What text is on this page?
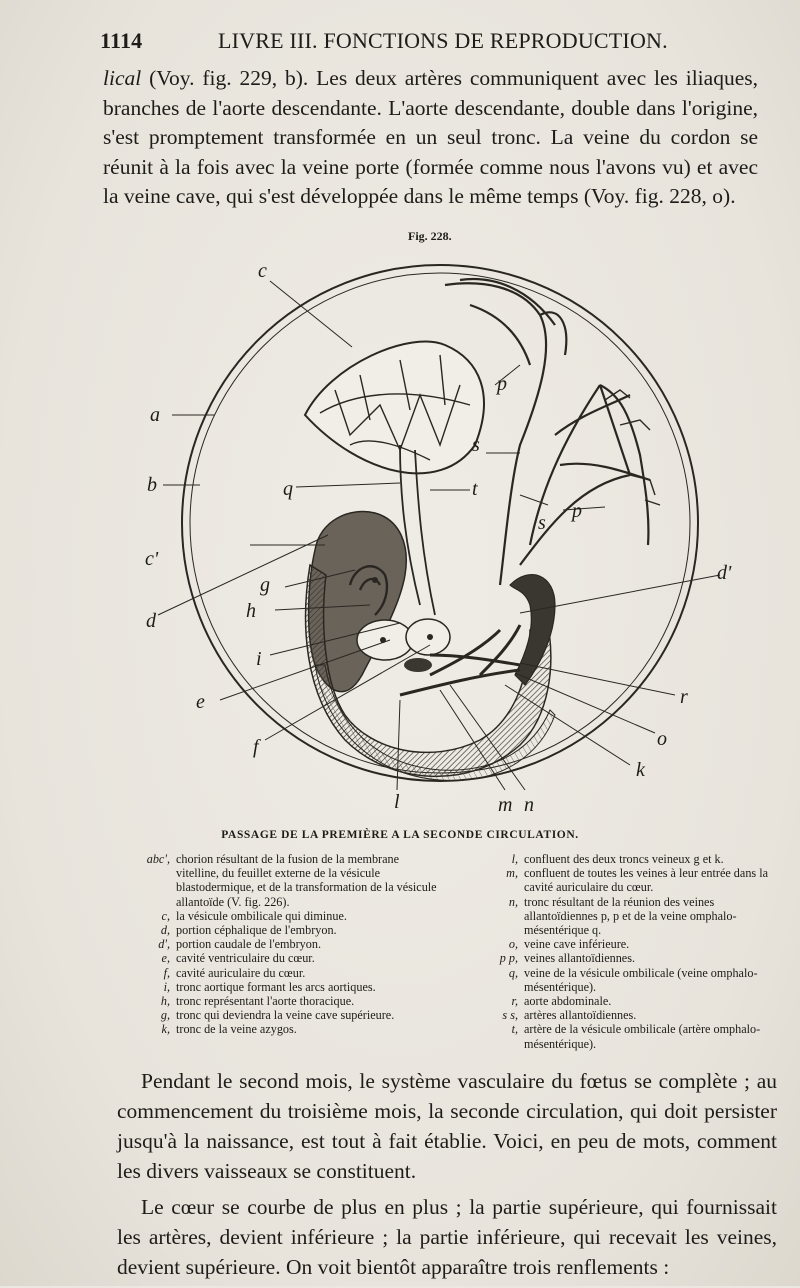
1114	LIVRE III. FONCTIONS DE REPRODUCTION.

lical (Voy. fig. 229, b). Les deux artères communiquent avec les iliaques, branches de l'aorte descendante. L'aorte descendante, double dans l'origine, s'est promptement transformée en un seul tronc. La veine du cordon se réunit à la fois avec la veine porte (formée comme nous l'avons vu) et avec la veine cave, qui s'est développée dans le même temps (Voy. fig. 228, o).

Fig. 228.
c
a
b	q	t
p
s
s
p
c'
d
g
h
i
e
f
d'
r
o
k
l	m n
PASSAGE DE LA PREMIÈRE A LA SECONDE CIRCULATION.
abc', chorion résultant de la fusion de la membrane vitelline, du feuillet externe de la vésicule blastodermique, et de la transformation de la vésicule allantoïde (V. fig. 226).
c, la vésicule ombilicale qui diminue.
d, portion céphalique de l'embryon.
d', portion caudale de l'embryon.
e, cavité ventriculaire du cœur.
f, cavité auriculaire du cœur.
i, tronc aortique formant les arcs aortiques.
h, tronc représentant l'aorte thoracique.
g, tronc qui deviendra la veine cave supérieure.
k, tronc de la veine azygos.
l, confluent des deux troncs veineux g et k.
m, confluent de toutes les veines à leur entrée dans la cavité auriculaire du cœur.
n, tronc résultant de la réunion des veines allantoïdiennes p, p et de la veine omphalo-mésentérique q.
o, veine cave inférieure.
p p, veines allantoïdiennes.
q, veine de la vésicule ombilicale (veine omphalo-mésentérique).
r, aorte abdominale.
s s, artères allantoïdiennes.
t, artère de la vésicule ombilicale (artère omphalo-mésentérique).

Pendant le second mois, le système vasculaire du fœtus se complète ; au commencement du troisième mois, la seconde circulation, qui doit persister jusqu'à la naissance, est tout à fait établie. Voici, en peu de mots, comment les divers vaisseaux se constituent.

Le cœur se courbe de plus en plus ; la partie supérieure, qui fournissait les artères, devient inférieure ; la partie inférieure, qui recevait les veines, devient supérieure. On voit bientôt apparaître trois renflements :
